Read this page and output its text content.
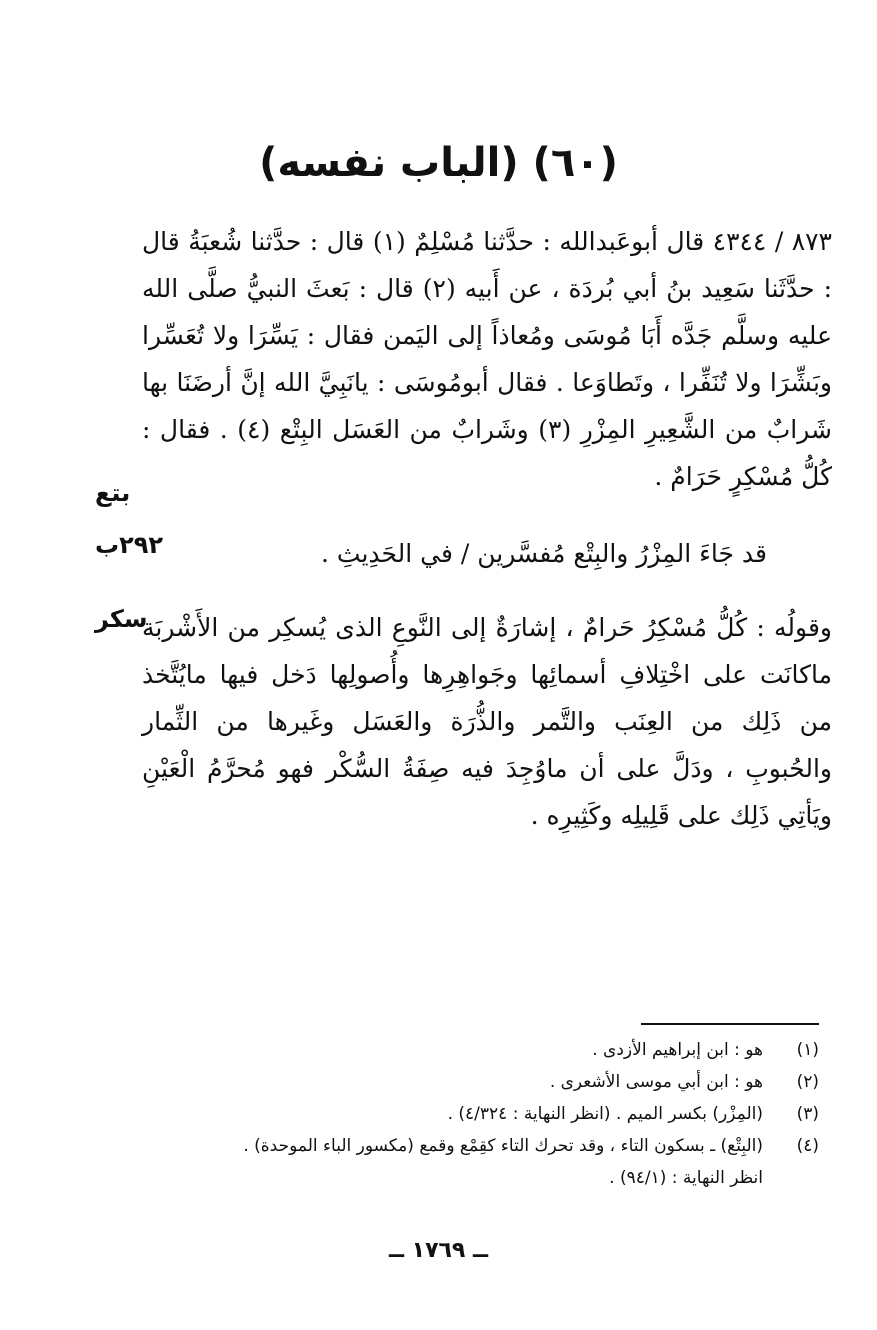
(٦٠) (الباب نفسه)

٨٧٣ / ٤٣٤٤ قال أبوعَبدالله : حدَّثنا مُسْلِمٌ (١) قال : حدَّثنا شُعبَةُ قال : حدَّثَنا سَعِيد بنُ أبي بُردَة ، عن أَبيه (٢) قال : بَعثَ النبيُّ صلَّى الله عليه وسلَّم جَدَّه أَبَا مُوسَى ومُعاذاً إلى اليَمن فقال : يَسِّرَا ولا تُعَسِّرا وبَشِّرَا ولا تُنَفِّرا ، وتَطاوَعا . فقال أبومُوسَى : يانَبِيَّ الله إنَّ أرضَنَا بها شَرابٌ من الشَّعِيرِ المِزْرِ (٣) وشَرابٌ من العَسَل البِتْع (٤) . فقال : كُلُّ مُسْكِرٍ حَرَامٌ .

قد جَاءَ المِزْرُ والبِتْع مُفسَّرين / في الحَدِيثِ .

وقولُه : كُلُّ مُسْكِرُ حَرامٌ ، إشارَةٌ إلى النَّوعِ الذى يُسكِر من الأَشْربَة ماكانَت على اخْتِلافِ أسمائِها وجَواهِرِها وأُصولِها دَخل فيها مايُتَّخذ من ذَلِك من العِنَب والتَّمر والذُّرَة والعَسَل وغَيرها من الثِّمار والحُبوبِ ، ودَلَّ على أن ماوُجِدَ فيه صِفَةُ السُّكْر فهو مُحرَّمُ الْعَيْنِ ويَأتِي ذَلِك على قَلِيلِه وكَثِيرِه .

بتع
٢٩٢ب
سكر
(١)
هو : ابن إبراهيم الأزدى .
(٢)
هو : ابن أبي موسى الأشعرى .
(٣)
(المِزْر) بكسر الميم . (انظر النهاية : ٤/٣٢٤) .
(٤)
(البِتْع) ـ بسكون التاء ، وقد تحرك التاء كقِمْع وقمع (مكسور الباء الموحدة) .
انظر النهاية : (٩٤/١) .
ــ ١٧٦٩ ــ
